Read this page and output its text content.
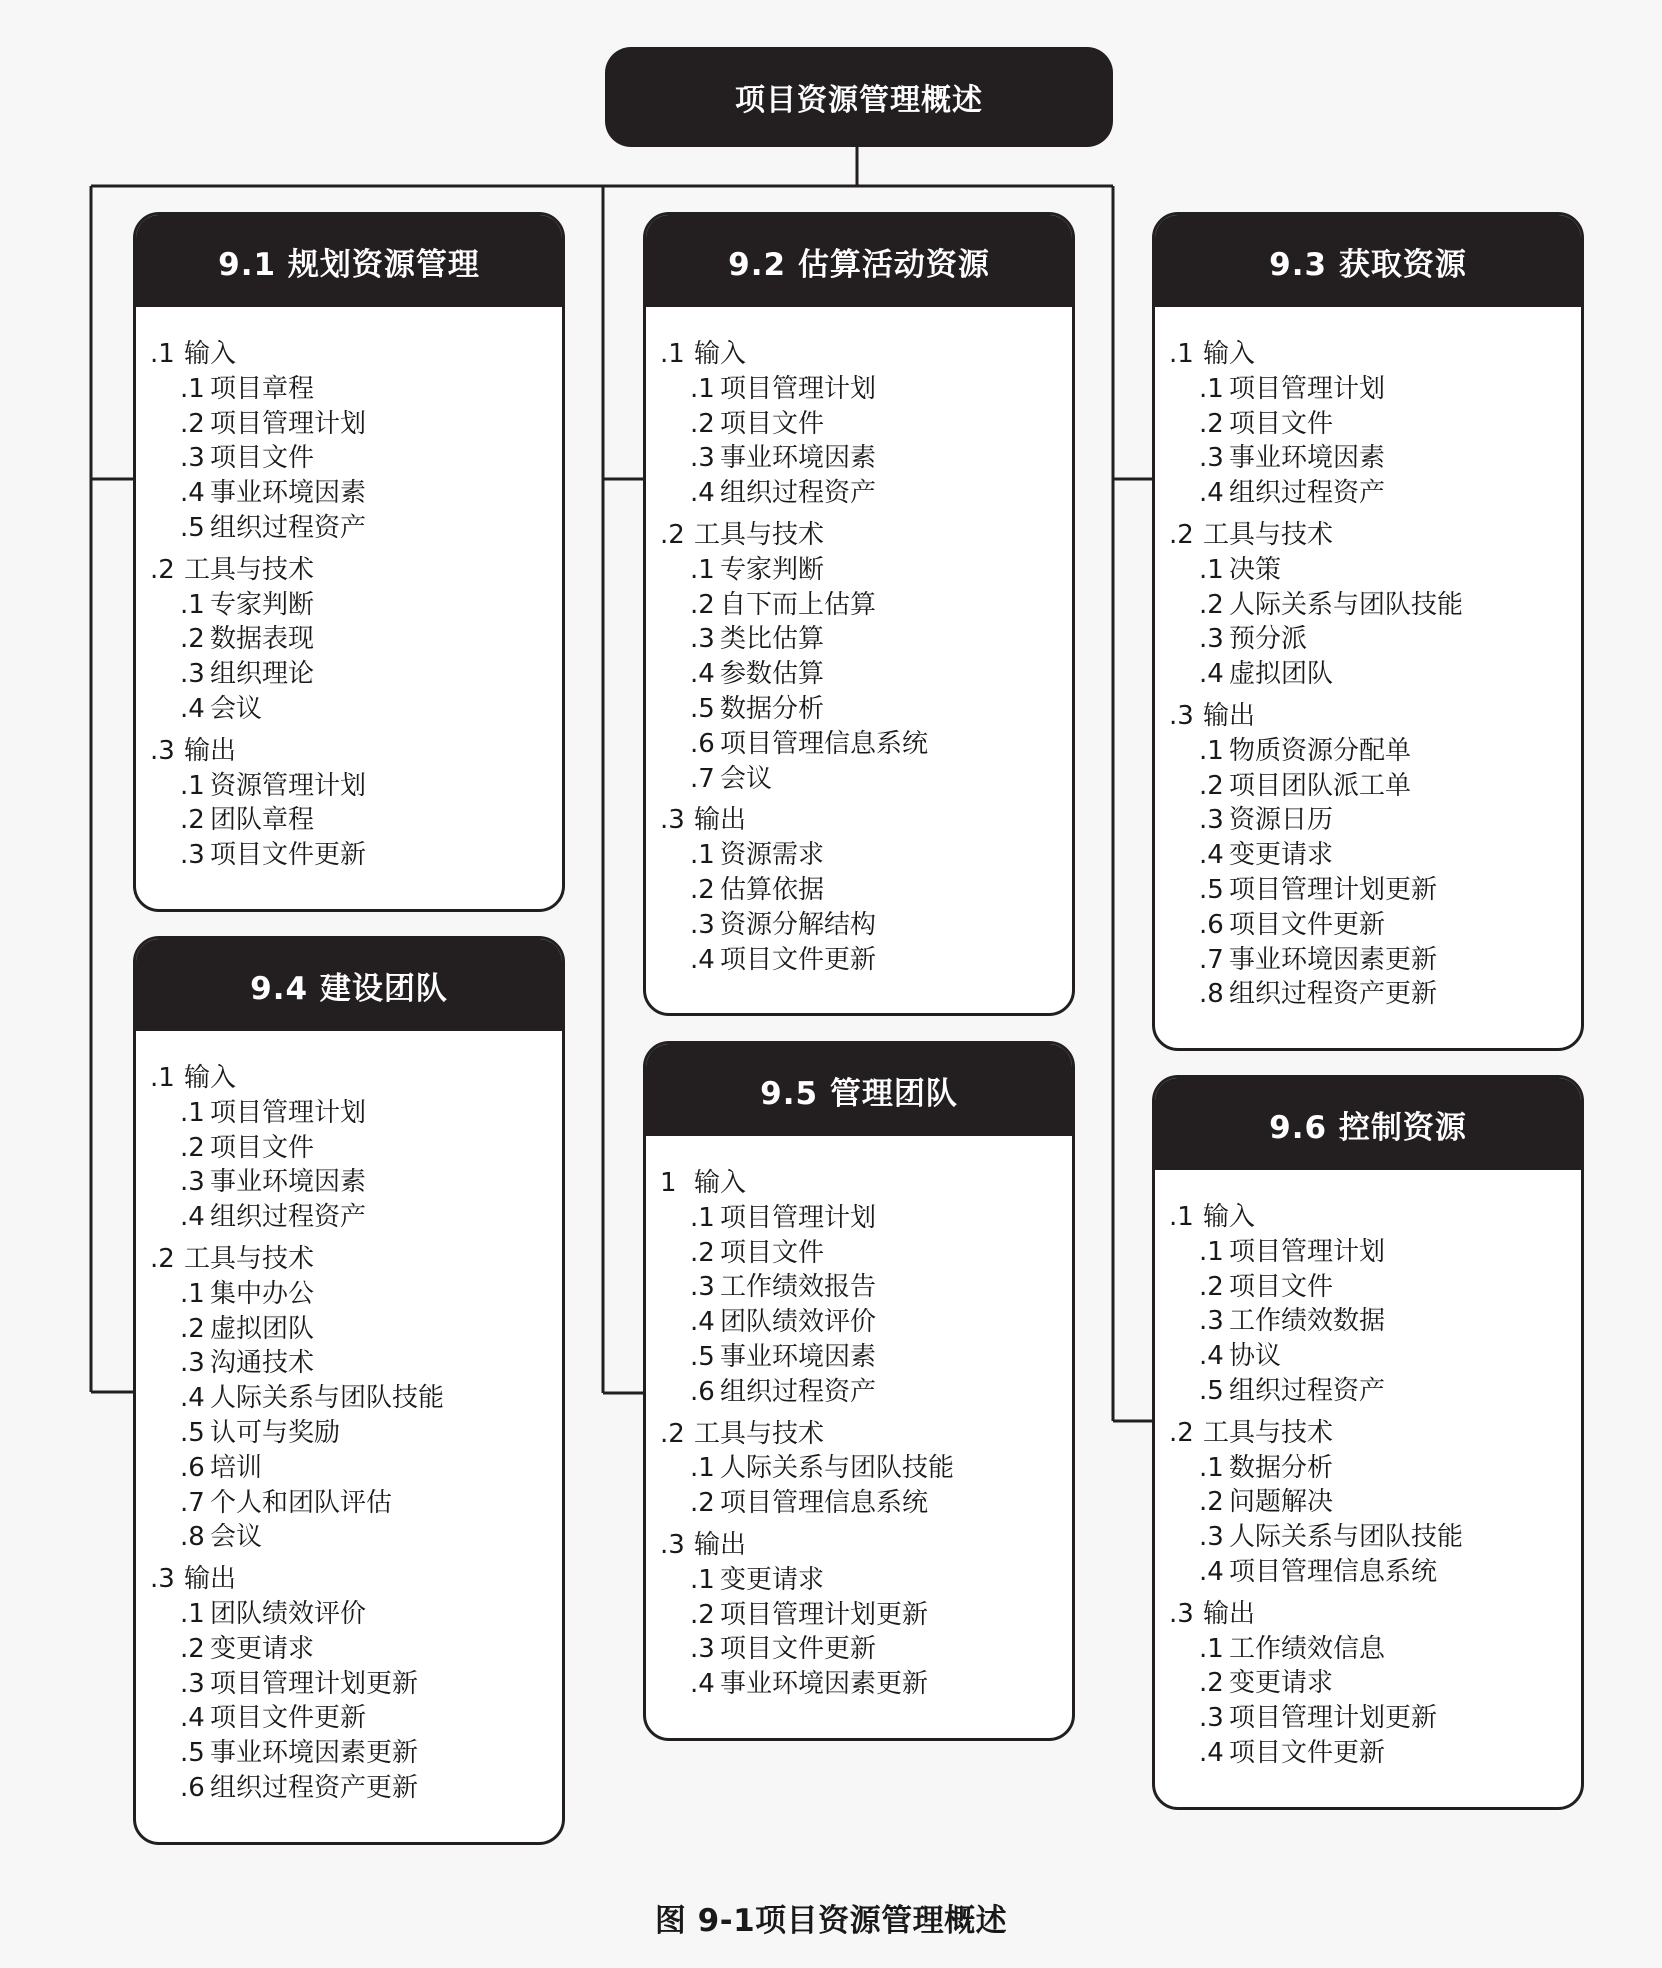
项目资源管理概述
9.1 规划资源管理
.1 输入
.1 项目章程
.2 项目管理计划
.3 项目文件
.4 事业环境因素
.5 组织过程资产
.2 工具与技术
.1 专家判断
.2 数据表现
.3 组织理论
.4 会议
.3 输出
.1 资源管理计划
.2 团队章程
.3 项目文件更新
9.2 估算活动资源
.1 输入
.1 项目管理计划
.2 项目文件
.3 事业环境因素
.4 组织过程资产
.2 工具与技术
.1 专家判断
.2 自下而上估算
.3 类比估算
.4 参数估算
.5 数据分析
.6 项目管理信息系统
.7 会议
.3 输出
.1 资源需求
.2 估算依据
.3 资源分解结构
.4 项目文件更新
9.3 获取资源
.1 输入
.1 项目管理计划
.2 项目文件
.3 事业环境因素
.4 组织过程资产
.2 工具与技术
.1 决策
.2 人际关系与团队技能
.3 预分派
.4 虚拟团队
.3 输出
.1 物质资源分配单
.2 项目团队派工单
.3 资源日历
.4 变更请求
.5 项目管理计划更新
.6 项目文件更新
.7 事业环境因素更新
.8 组织过程资产更新
9.4 建设团队
.1 输入
.1 项目管理计划
.2 项目文件
.3 事业环境因素
.4 组织过程资产
.2 工具与技术
.1 集中办公
.2 虚拟团队
.3 沟通技术
.4 人际关系与团队技能
.5 认可与奖励
.6 培训
.7 个人和团队评估
.8 会议
.3 输出
.1 团队绩效评价
.2 变更请求
.3 项目管理计划更新
.4 项目文件更新
.5 事业环境因素更新
.6 组织过程资产更新
9.5 管理团队
1 输入
.1 项目管理计划
.2 项目文件
.3 工作绩效报告
.4 团队绩效评价
.5 事业环境因素
.6 组织过程资产
.2 工具与技术
.1 人际关系与团队技能
.2 项目管理信息系统
.3 输出
.1 变更请求
.2 项目管理计划更新
.3 项目文件更新
.4 事业环境因素更新
9.6 控制资源
.1 输入
.1 项目管理计划
.2 项目文件
.3 工作绩效数据
.4 协议
.5 组织过程资产
.2 工具与技术
.1 数据分析
.2 问题解决
.3 人际关系与团队技能
.4 项目管理信息系统
.3 输出
.1 工作绩效信息
.2 变更请求
.3 项目管理计划更新
.4 项目文件更新
图 9-1项目资源管理概述
